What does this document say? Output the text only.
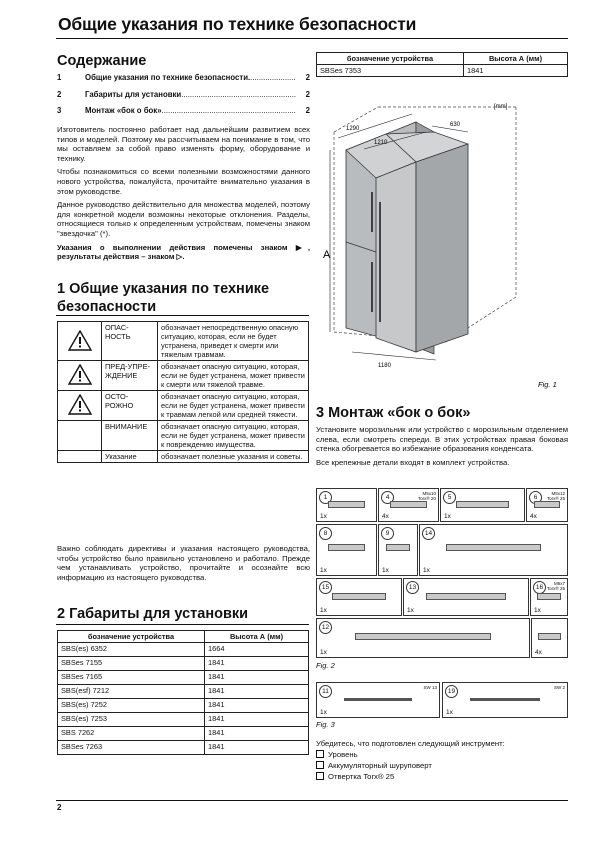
Общие указания по технике безопасности
Содержание
1	Общие указания по технике безопасности. .....	2
2	Габариты для установки .....	2
3	Монтаж «бок о бок» .....	2

Изготовитель постоянно работает над дальнейшим развитием всех типов и моделей. Поэтому мы рассчитываем на понимание в том, что мы оставляем за собой право изменять форму, оборудование и технику.

Чтобы познакомиться со всеми полезными возможностями данного нового устройства, пожалуйста, прочитайте внимательно указания в этом руководстве.

Данное руководство действительно для множества моделей, поэтому для конкретной модели возможны некоторые отклонения. Разделы, относящиеся только к определенным устройствам, помечены знаком "звездочка" (*).

Указания о выполнении действия помечены знаком ▶, результаты действия – знаком ▷.

1 Общие указания по технике безопасности
	ОПАС-НОСТЬ	обозначает непосредственную опасную ситуацию, которая, если не будет устранена, приведет к смерти или тяжелым травмам.
	ПРЕД-УПРЕ-ЖДЕНИЕ	обозначает опасную ситуацию, которая, если не будет устранена, может привести к смерти или тяжелой травме.
	ОСТО-РОЖНО	обозначает опасную ситуацию, которая, если не будет устранена, может привести к травмам легкой или средней тяжести.
	ВНИМАНИЕ	обозначает опасную ситуацию, которая, если не будет устранена, может привести к повреждению имущества.
	Указание	обозначает полезные указания и советы.

Важно соблюдать директивы и указания настоящего руководства, чтобы устройство было правильно установлено и работало. Прежде чем устанавливать устройство, прочитайте и осознайте всю информацию из настоящего руководства.

2 Габариты для установки
бозначение устройства	Высота А (мм)
SBS(es) 6352	1664
SBSes 7155	1841
SBSes 7165	1841
SBS(esf) 7212	1841
SBS(es) 7252	1841
SBS(es) 7253	1841
SBS 7262	1841
SBSes 7263	1841
бозначение устройства	Высота А (мм)
SBSes 7353	1841
[mm]
1290
1210
630
A
1180
Fig. 1
3 Монтаж «бок о бок»

Установите морозильник или устройство с морозильным отделением слева, если смотреть спереди. В этих устройствах правая боковая стенка обогревается во избежание образования конденсата.

Все крепежные детали входят в комплект устройства.

1
1x
4
4x
M5x10
Torx® 20	5
1x
6
4x
M5x12
Torx® 25
8
1x
9
1x
14
1x
15
1x
13
1x
16
1x
M6x7
Torx® 25
12
1x	4x
Fig. 2
11
1x
SW 13
19
1x
SW 2
Fig. 3
Убедитесь, что подготовлен следующий инструмент:
Уровень
Аккумуляторный шуруповерт
Отвертка Torx® 25
2
